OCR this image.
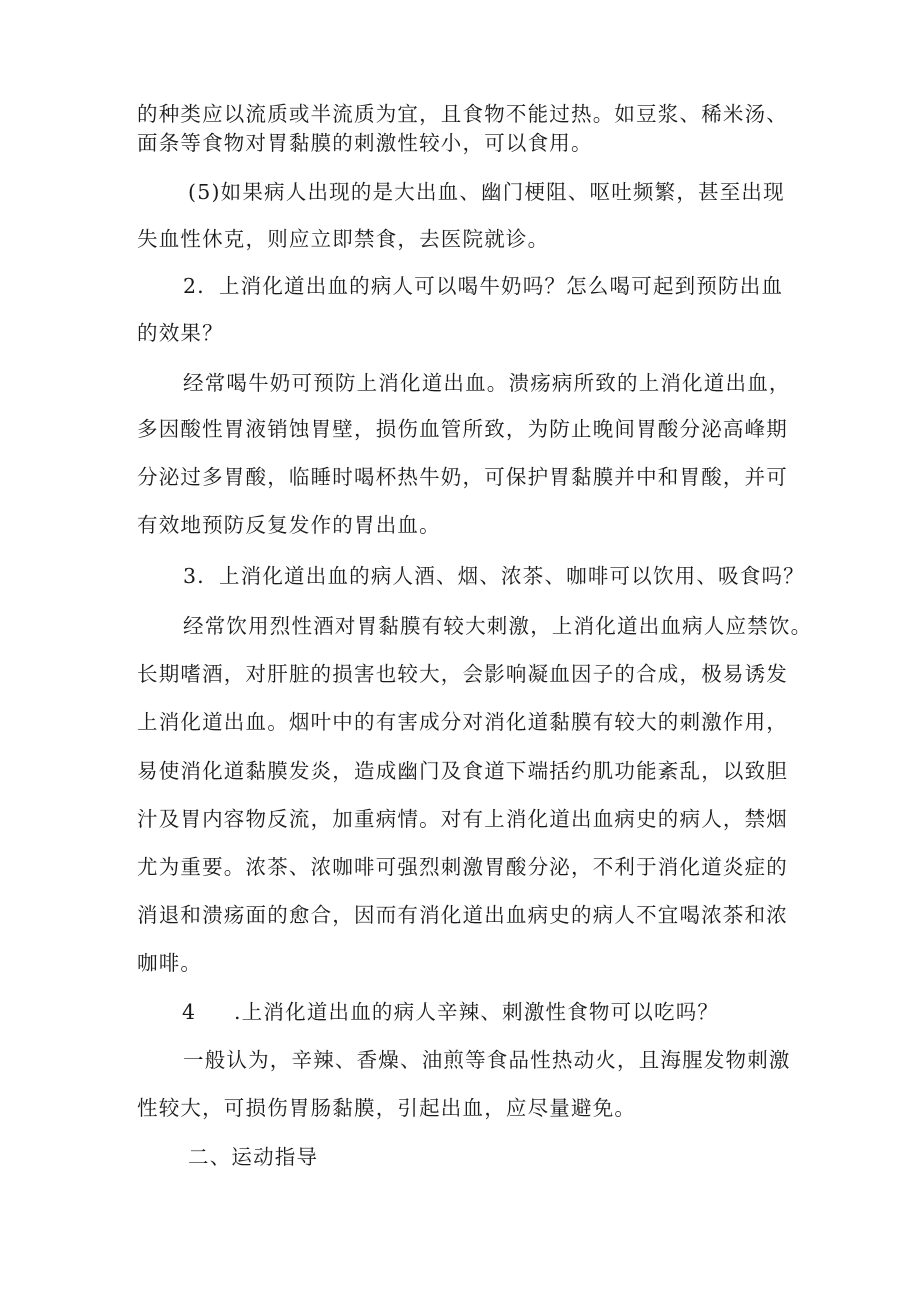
的种类应以流质或半流质为宜，且食物不能过热。如豆浆、稀米汤、
面条等食物对胃黏膜的刺激性较小，可以食用。
(5)如果病人出现的是大出血、幽门梗阻、呕吐频繁，甚至出现
失血性休克，则应立即禁食，去医院就诊。
2．上消化道出血的病人可以喝牛奶吗？怎么喝可起到预防出血
的效果？
经常喝牛奶可预防上消化道出血。溃疡病所致的上消化道出血，
多因酸性胃液销蚀胃壁，损伤血管所致，为防止晚间胃酸分泌高峰期
分泌过多胃酸，临睡时喝杯热牛奶，可保护胃黏膜并中和胃酸，并可
有效地预防反复发作的胃出血。
3．上消化道出血的病人酒、烟、浓茶、咖啡可以饮用、吸食吗？
经常饮用烈性酒对胃黏膜有较大刺激，上消化道出血病人应禁饮。
长期嗜酒，对肝脏的损害也较大，会影响凝血因子的合成，极易诱发
上消化道出血。烟叶中的有害成分对消化道黏膜有较大的刺激作用，
易使消化道黏膜发炎，造成幽门及食道下端括约肌功能紊乱，以致胆
汁及胃内容物反流，加重病情。对有上消化道出血病史的病人，禁烟
尤为重要。浓茶、浓咖啡可强烈刺激胃酸分泌，不利于消化道炎症的
消退和溃疡面的愈合，因而有消化道出血病史的病人不宜喝浓茶和浓
咖啡。
4 .上消化道出血的病人辛辣、刺激性食物可以吃吗？
一般认为，辛辣、香燥、油煎等食品性热动火，且海腥发物刺激
性较大，可损伤胃肠黏膜，引起出血，应尽量避免。
二、运动指导
